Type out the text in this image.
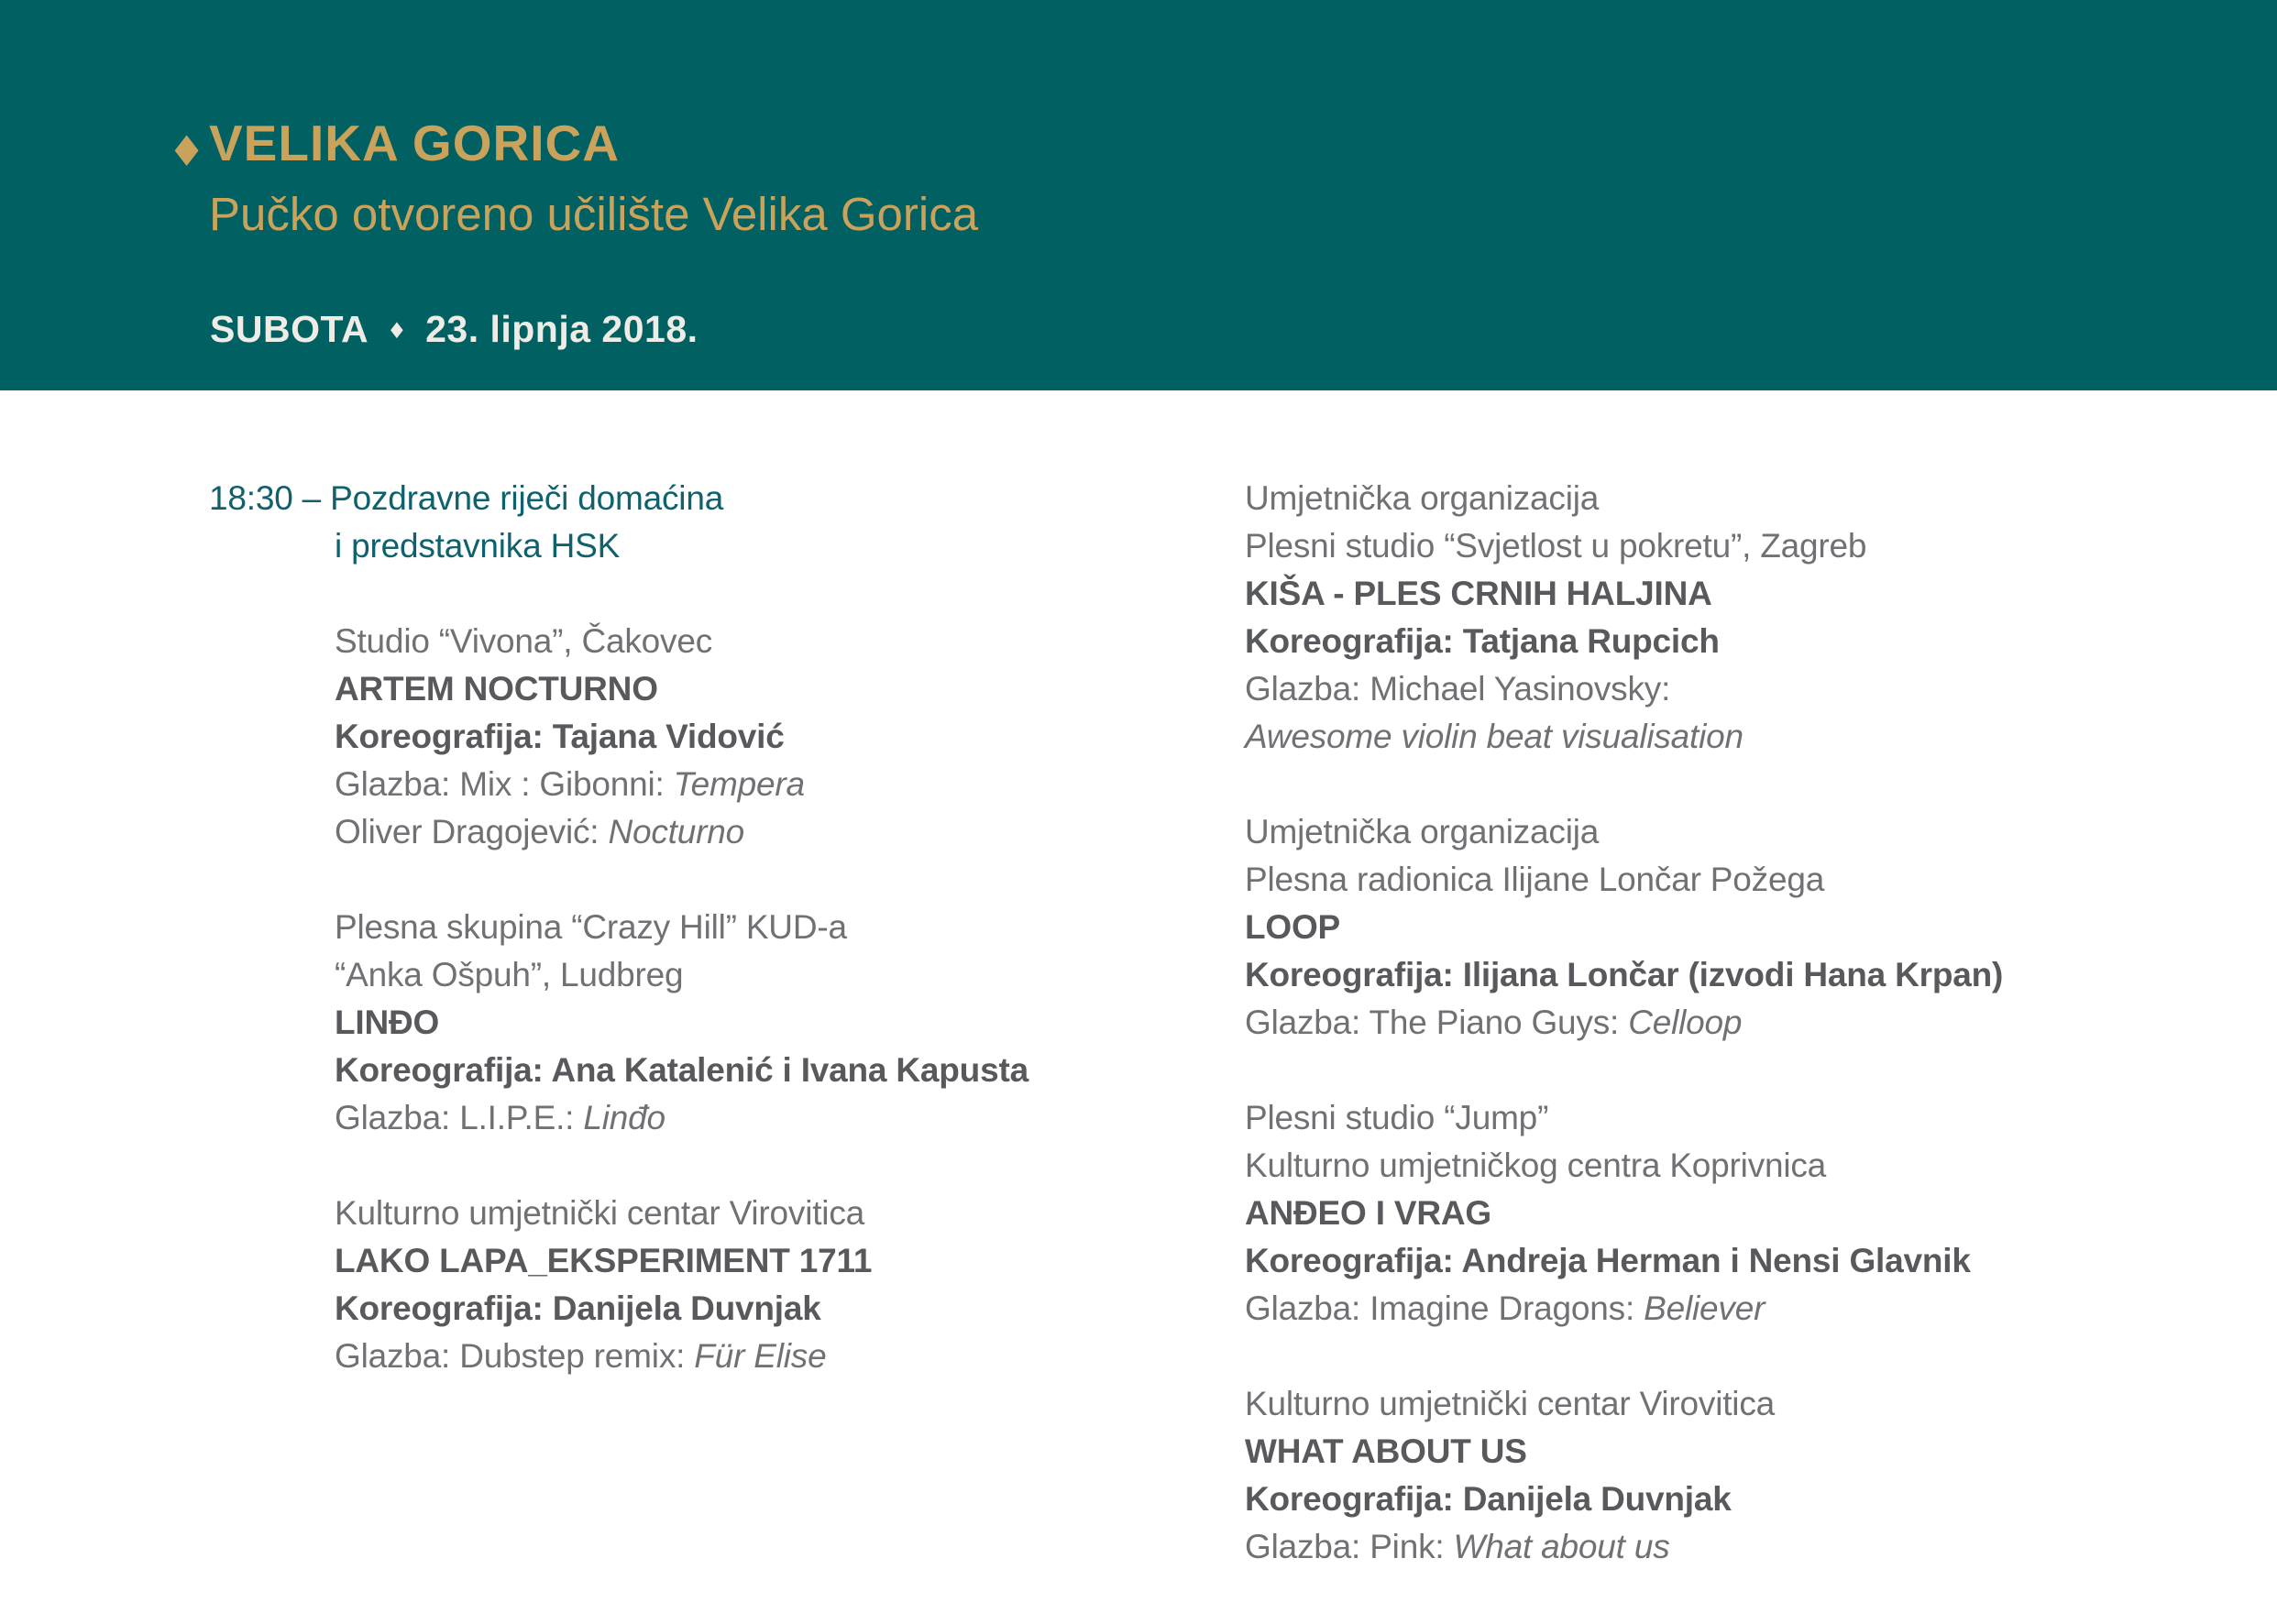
♦ VELIKA GORICA
Pučko otvoreno učilište Velika Gorica
SUBOTA ♦ 23. lipnja 2018.
18:30 – Pozdravne riječi domaćina
i predstavnika HSK
Studio “Vivona”, Čakovec
ARTEM NOCTURNO
Koreografija: Tajana Vidović
Glazba: Mix : Gibonni: Tempera
Oliver Dragojević: Nocturno
Plesna skupina “Crazy Hill” KUD-a
“Anka Ošpuh”, Ludbreg
LINĐO
Koreografija: Ana Katalenić i Ivana Kapusta
Glazba: L.I.P.E.: Linđo
Kulturno umjetnički centar Virovitica
LAKO LAPA_EKSPERIMENT 1711
Koreografija: Danijela Duvnjak
Glazba: Dubstep remix: Für Elise
Umjetnička organizacija
Plesni studio “Svjetlost u pokretu”, Zagreb
KIŠA - PLES CRNIH HALJINA
Koreografija: Tatjana Rupcich
Glazba: Michael Yasinovsky:
Awesome violin beat visualisation
Umjetnička organizacija
Plesna radionica Ilijane Lončar Požega
LOOP
Koreografija: Ilijana Lončar (izvodi Hana Krpan)
Glazba: The Piano Guys: Celloop
Plesni studio “Jump”
Kulturno umjetničkog centra Koprivnica
ANĐEO I VRAG
Koreografija: Andreja Herman i Nensi Glavnik
Glazba: Imagine Dragons: Believer
Kulturno umjetnički centar Virovitica
WHAT ABOUT US
Koreografija: Danijela Duvnjak
Glazba: Pink: What about us
